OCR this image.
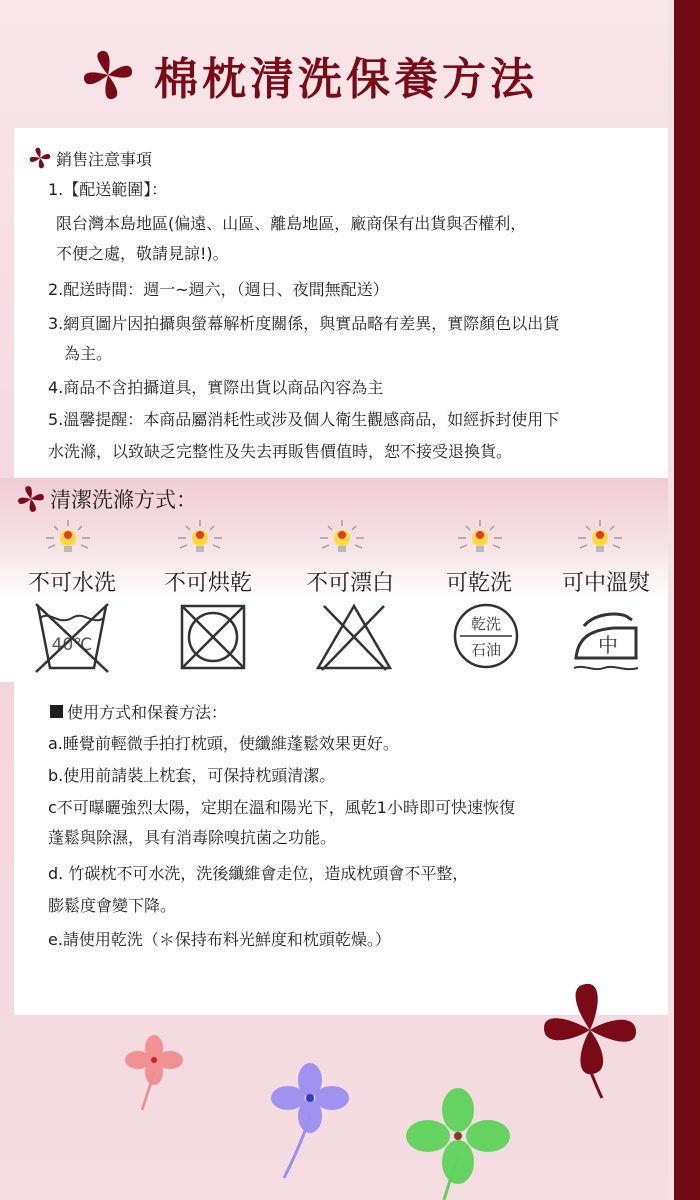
棉枕清洗保養方法
銷售注意事項
1.【配送範圍】：
限台灣本島地區(偏遠、山區、離島地區，廠商保有出貨與否權利，
不便之處，敬請見諒!)。
2.配送時間：週一~週六，（週日、夜間無配送）
3.網頁圖片因拍攝與螢幕解析度關係，與實品略有差異，實際顏色以出貨
為主。
4.商品不含拍攝道具，實際出貨以商品內容為主
5.溫馨提醒：本商品屬消耗性或涉及個人衛生觀感商品，如經拆封使用下
水洗滌，以致缺乏完整性及失去再販售價值時，恕不接受退換貨。
清潔洗滌方式：
不可水洗 不可烘乾 不可漂白 可乾洗 可中溫熨
40℃
乾洗
石油	中
使用方式和保養方法：
a.睡覺前輕微手拍打枕頭，使纖維蓬鬆效果更好。
b.使用前請裝上枕套，可保持枕頭清潔。
c不可曝曬強烈太陽，定期在溫和陽光下，風乾1小時即可快速恢復
蓬鬆與除濕，具有消毒除嗅抗菌之功能。
d. 竹碳枕不可水洗，洗後纖維會走位，造成枕頭會不平整，
膨鬆度會變下降。
e.請使用乾洗（＊保持布料光鮮度和枕頭乾燥。）
